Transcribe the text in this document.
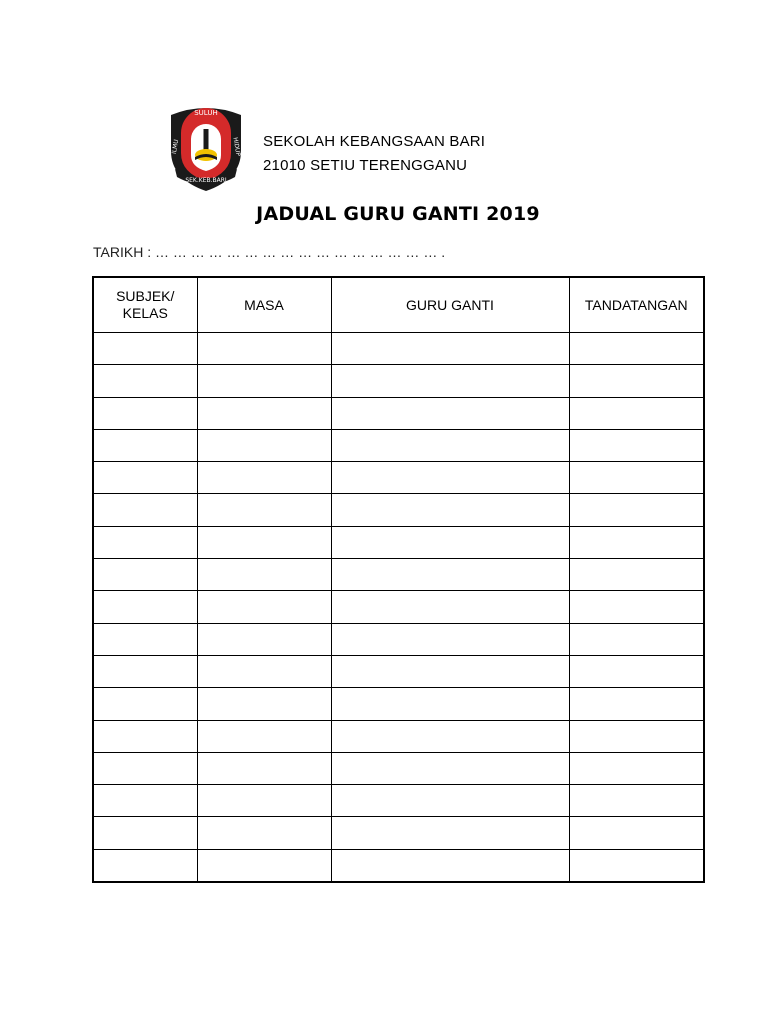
SULUH
ILMU	HIDUP
SEK.KEB.BARI
SEKOLAH KEBANGSAAN BARI
21010 SETIU TERENGGANU
JADUAL GURU GANTI 2019
TARIKH : … … … … … … … … … … … … … … … … .
SUBJEK/ KELAS	MASA	GURU GANTI	TANDATANGAN
